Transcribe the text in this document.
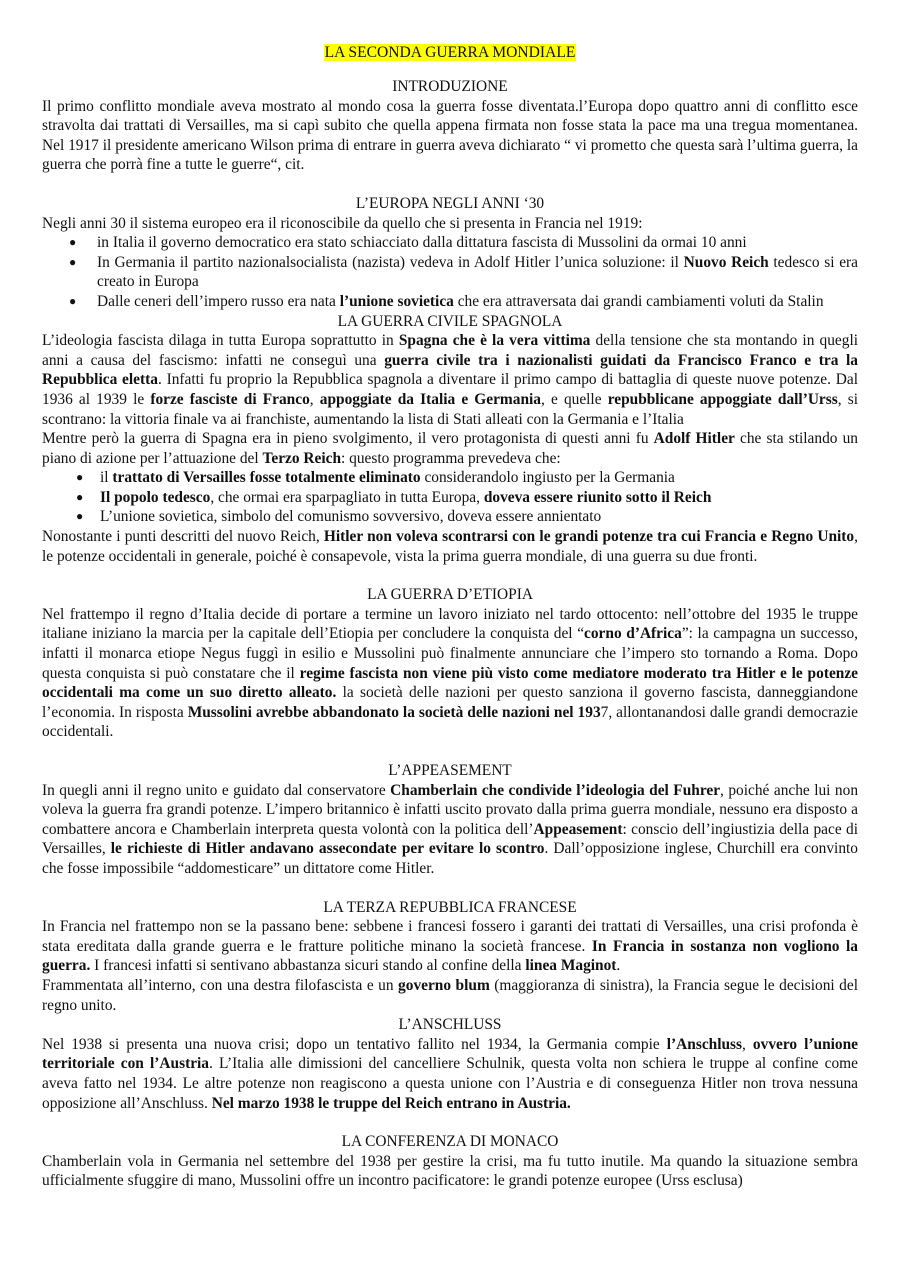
LA SECONDA GUERRA MONDIALE
INTRODUZIONE

Il primo conflitto mondiale aveva mostrato al mondo cosa la guerra fosse diventata.l’Europa dopo quattro anni di conflitto esce stravolta dai trattati di Versailles, ma si capì subito che quella appena firmata non fosse stata la pace ma una tregua momentanea. Nel 1917 il presidente americano Wilson prima di entrare in guerra aveva dichiarato “ vi prometto che questa sarà l’ultima guerra, la guerra che porrà fine a tutte le guerre“, cit.

L’EUROPA NEGLI ANNI ‘30

Negli anni 30 il sistema europeo era il riconoscibile da quello che si presenta in Francia nel 1919:

● in Italia il governo democratico era stato schiacciato dalla dittatura fascista di Mussolini da ormai 10 anni
● In Germania il partito nazionalsocialista (nazista) vedeva in Adolf Hitler l’unica soluzione: il Nuovo Reich tedesco si era creato in Europa
● Dalle ceneri dell’impero russo era nata l’unione sovietica che era attraversata dai grandi cambiamenti voluti da Stalin
LA GUERRA CIVILE SPAGNOLA

L’ideologia fascista dilaga in tutta Europa soprattutto in Spagna che è la vera vittima della tensione che sta montando in quegli anni a causa del fascismo: infatti ne conseguì una guerra civile tra i nazionalisti guidati da Francisco Franco e tra la Repubblica eletta. Infatti fu proprio la Repubblica spagnola a diventare il primo campo di battaglia di queste nuove potenze. Dal 1936 al 1939 le forze fasciste di Franco, appoggiate da Italia e Germania, e quelle repubblicane appoggiate dall’Urss, si scontrano: la vittoria finale va ai franchiste, aumentando la lista di Stati alleati con la Germania e l’Italia

Mentre però la guerra di Spagna era in pieno svolgimento, il vero protagonista di questi anni fu Adolf Hitler che sta stilando un piano di azione per l’attuazione del Terzo Reich: questo programma prevedeva che:

● il trattato di Versailles fosse totalmente eliminato considerandolo ingiusto per la Germania
● Il popolo tedesco, che ormai era sparpagliato in tutta Europa, doveva essere riunito sotto il Reich
● L’unione sovietica, simbolo del comunismo sovversivo, doveva essere annientato

Nonostante i punti descritti del nuovo Reich, Hitler non voleva scontrarsi con le grandi potenze tra cui Francia e Regno Unito, le potenze occidentali in generale, poiché è consapevole, vista la prima guerra mondiale, di una guerra su due fronti.

LA GUERRA D’ETIOPIA

Nel frattempo il regno d’Italia decide di portare a termine un lavoro iniziato nel tardo ottocento: nell’ottobre del 1935 le truppe italiane iniziano la marcia per la capitale dell’Etiopia per concludere la conquista del “corno d’Africa”: la campagna un successo, infatti il monarca etiope Negus fuggì in esilio e Mussolini può finalmente annunciare che l’impero sto tornando a Roma. Dopo questa conquista si può constatare che il regime fascista non viene più visto come mediatore moderato tra Hitler e le potenze occidentali ma come un suo diretto alleato. la società delle nazioni per questo sanziona il governo fascista, danneggiandone l’economia. In risposta Mussolini avrebbe abbandonato la società delle nazioni nel 1937, allontanandosi dalle grandi democrazie occidentali.

L’APPEASEMENT

In quegli anni il regno unito e guidato dal conservatore Chamberlain che condivide l’ideologia del Fuhrer, poiché anche lui non voleva la guerra fra grandi potenze. L’impero britannico è infatti uscito provato dalla prima guerra mondiale, nessuno era disposto a combattere ancora e Chamberlain interpreta questa volontà con la politica dell’Appeasement: conscio dell’ingiustizia della pace di Versailles, le richieste di Hitler andavano assecondate per evitare lo scontro. Dall’opposizione inglese, Churchill era convinto che fosse impossibile “addomesticare” un dittatore come Hitler.

LA TERZA REPUBBLICA FRANCESE

In Francia nel frattempo non se la passano bene: sebbene i francesi fossero i garanti dei trattati di Versailles, una crisi profonda è stata ereditata dalla grande guerra e le fratture politiche minano la società francese. In Francia in sostanza non vogliono la guerra. I francesi infatti si sentivano abbastanza sicuri stando al confine della linea Maginot.

Frammentata all’interno, con una destra filofascista e un governo blum (maggioranza di sinistra), la Francia segue le decisioni del regno unito.

L’ANSCHLUSS

Nel 1938 si presenta una nuova crisi; dopo un tentativo fallito nel 1934, la Germania compie l’Anschluss, ovvero l’unione territoriale con l’Austria. L’Italia alle dimissioni del cancelliere Schulnik, questa volta non schiera le truppe al confine come aveva fatto nel 1934. Le altre potenze non reagiscono a questa unione con l’Austria e di conseguenza Hitler non trova nessuna opposizione all’Anschluss. Nel marzo 1938 le truppe del Reich entrano in Austria.

LA CONFERENZA DI MONACO

Chamberlain vola in Germania nel settembre del 1938 per gestire la crisi, ma fu tutto inutile. Ma quando la situazione sembra ufficialmente sfuggire di mano, Mussolini offre un incontro pacificatore: le grandi potenze europee (Urss esclusa)
